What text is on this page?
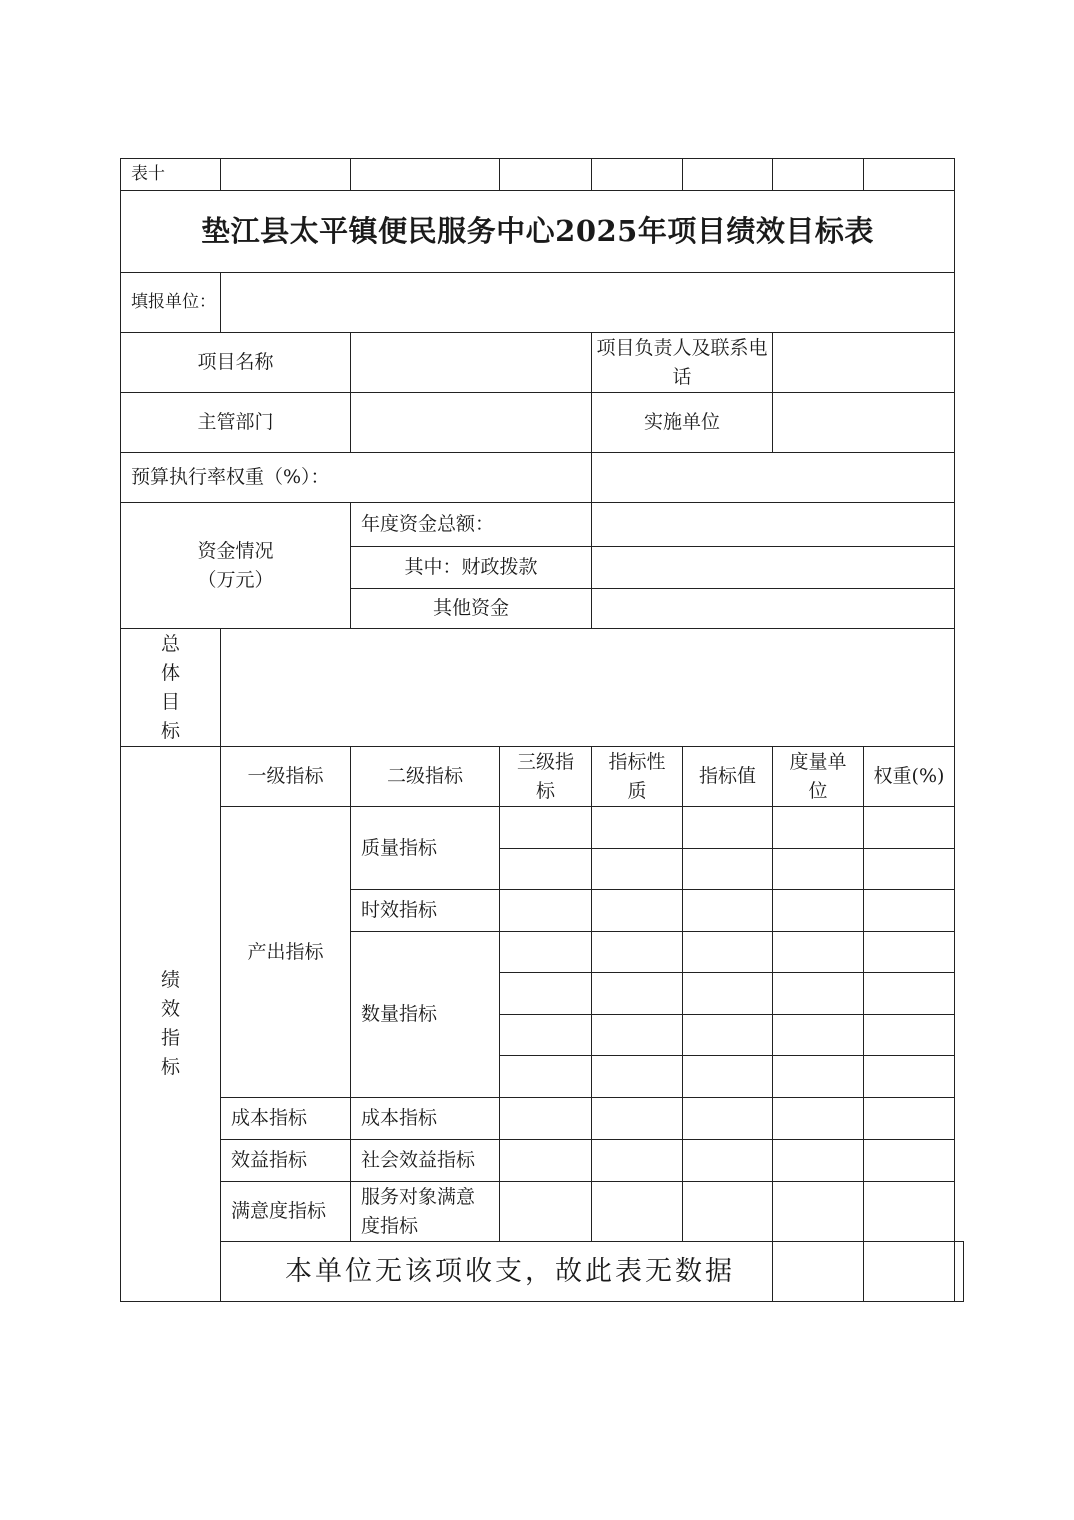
表十								
垫江县太平镇便民服务中心2025年项目绩效目标表								
填报单位：								
项目名称				项目负责人及联系电话				
主管部门				实施单位				
预算执行率权重（%）：								

资金情况（万元）		年度资金总额：						
		其中：财政拨款						
		其他资金						
总体目标								
绩效指标	一级指标	二级指标	三级指标	指标性质	指标值	度量单位	权重(%)	
	产出指标	质量指标						

		时效指标						
		数量指标						

	成本指标	成本指标						
	效益指标	社会效益指标						
	满意度指标	服务对象满意度指标						

	本单位无该项收支，故此表无数据							
